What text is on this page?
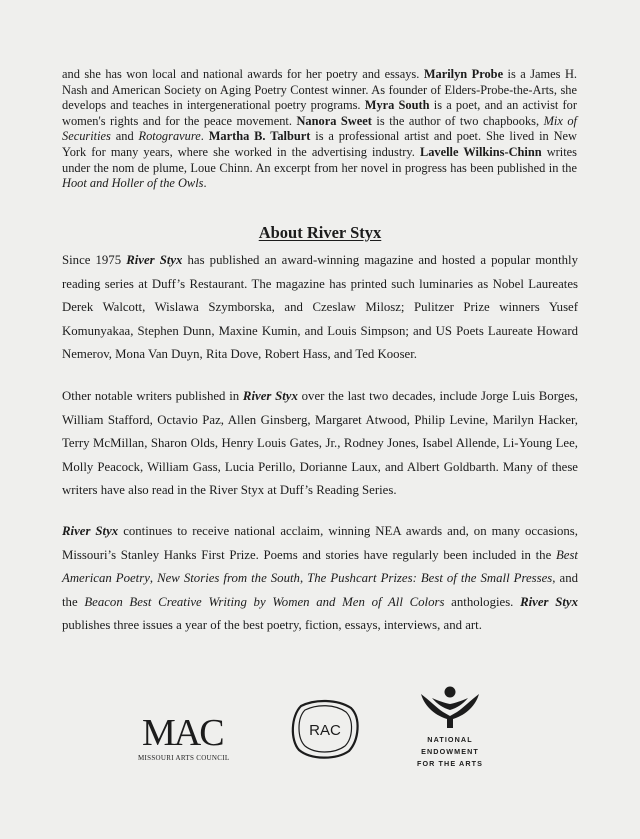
and she has won local and national awards for her poetry and essays. Marilyn Probe is a James H. Nash and American Society on Aging Poetry Contest winner. As founder of Elders-Probe-the-Arts, she develops and teaches in intergenerational poetry programs. Myra South is a poet, and an activist for women's rights and for the peace movement. Nanora Sweet is the author of two chapbooks, Mix of Securities and Rotogravure. Martha B. Talburt is a professional artist and poet. She lived in New York for many years, where she worked in the advertising industry. Lavelle Wilkins-Chinn writes under the nom de plume, Loue Chinn. An excerpt from her novel in progress has been published in the Hoot and Holler of the Owls.
About River Styx
Since 1975 River Styx has published an award-winning magazine and hosted a popular monthly reading series at Duff’s Restaurant. The magazine has printed such luminaries as Nobel Laureates Derek Walcott, Wislawa Szymborska, and Czeslaw Milosz; Pulitzer Prize winners Yusef Komunyakaa, Stephen Dunn, Maxine Kumin, and Louis Simpson; and US Poets Laureate Howard Nemerov, Mona Van Duyn, Rita Dove, Robert Hass, and Ted Kooser.
Other notable writers published in River Styx over the last two decades, include Jorge Luis Borges, William Stafford, Octavio Paz, Allen Ginsberg, Margaret Atwood, Philip Levine, Marilyn Hacker, Terry McMillan, Sharon Olds, Henry Louis Gates, Jr., Rodney Jones, Isabel Allende, Li-Young Lee, Molly Peacock, William Gass, Lucia Perillo, Dorianne Laux, and Albert Goldbarth. Many of these writers have also read in the River Styx at Duff’s Reading Series.
River Styx continues to receive national acclaim, winning NEA awards and, on many occasions, Missouri’s Stanley Hanks First Prize. Poems and stories have regularly been included in the Best American Poetry, New Stories from the South, The Pushcart Prizes: Best of the Small Presses, and the Beacon Best Creative Writing by Women and Men of All Colors anthologies. River Styx publishes three issues a year of the best poetry, fiction, essays, interviews, and art.
MAC
MISSOURI ARTS COUNCIL
RAC
NATIONAL
ENDOWMENT
FOR THE ARTS
